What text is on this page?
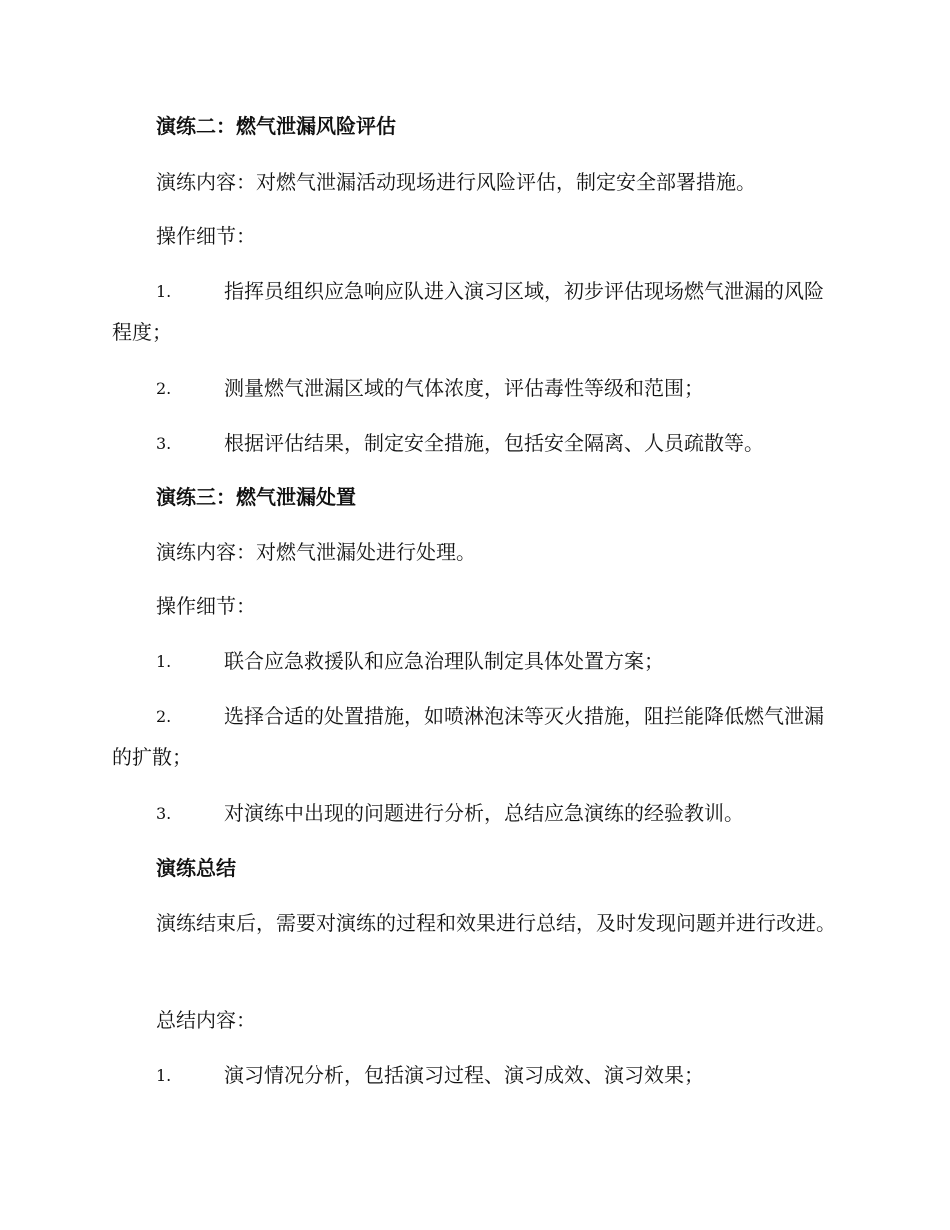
演练二：燃气泄漏风险评估
演练内容：对燃气泄漏活动现场进行风险评估，制定安全部署措施。
操作细节：
1.	指挥员组织应急响应队进入演习区域，初步评估现场燃气泄漏的风险程度；
2.	测量燃气泄漏区域的气体浓度，评估毒性等级和范围；
3.	根据评估结果，制定安全措施，包括安全隔离、人员疏散等。
演练三：燃气泄漏处置
演练内容：对燃气泄漏处进行处理。
操作细节：
1.	联合应急救援队和应急治理队制定具体处置方案；
2.	选择合适的处置措施，如喷淋泡沫等灭火措施，阻拦能降低燃气泄漏的扩散；
3.	对演练中出现的问题进行分析，总结应急演练的经验教训。
演练总结
演练结束后，需要对演练的过程和效果进行总结，及时发现问题并进行改进。
总结内容：
1.	演习情况分析，包括演习过程、演习成效、演习效果；
